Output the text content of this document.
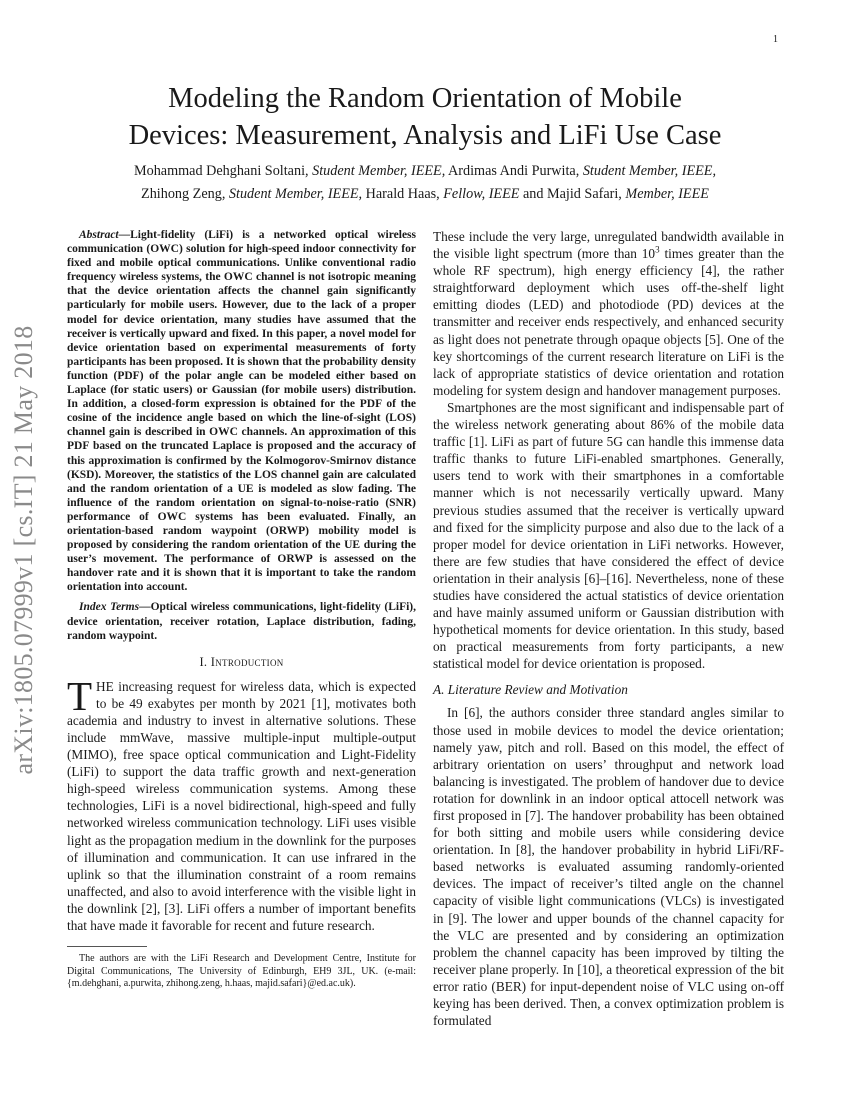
1
arXiv:1805.07999v1 [cs.IT] 21 May 2018
Modeling the Random Orientation of Mobile
Devices: Measurement, Analysis and LiFi Use Case

Mohammad Dehghani Soltani, Student Member, IEEE, Ardimas Andi Purwita, Student Member, IEEE,
Zhihong Zeng, Student Member, IEEE, Harald Haas, Fellow, IEEE and Majid Safari, Member, IEEE

Abstract—Light-fidelity (LiFi) is a networked optical wireless communication (OWC) solution for high-speed indoor connectivity for fixed and mobile optical communications. Unlike conventional radio frequency wireless systems, the OWC channel is not isotropic meaning that the device orientation affects the channel gain significantly particularly for mobile users. However, due to the lack of a proper model for device orientation, many studies have assumed that the receiver is vertically upward and fixed. In this paper, a novel model for device orientation based on experimental measurements of forty participants has been proposed. It is shown that the probability density function (PDF) of the polar angle can be modeled either based on Laplace (for static users) or Gaussian (for mobile users) distribution. In addition, a closed-form expression is obtained for the PDF of the cosine of the incidence angle based on which the line-of-sight (LOS) channel gain is described in OWC channels. An approximation of this PDF based on the truncated Laplace is proposed and the accuracy of this approximation is confirmed by the Kolmogorov-Smirnov distance (KSD). Moreover, the statistics of the LOS channel gain are calculated and the random orientation of a UE is modeled as slow fading. The influence of the random orientation on signal-to-noise-ratio (SNR) performance of OWC systems has been evaluated. Finally, an orientation-based random waypoint (ORWP) mobility model is proposed by considering the random orientation of the UE during the user’s movement. The performance of ORWP is assessed on the handover rate and it is shown that it is important to take the random orientation into account.

Index Terms—Optical wireless communications, light-fidelity (LiFi), device orientation, receiver rotation, Laplace distribution, fading, random waypoint.

I. Introduction

THE increasing request for wireless data, which is expected to be 49 exabytes per month by 2021 [1], motivates both academia and industry to invest in alternative solutions. These include mmWave, massive multiple-input multiple-output (MIMO), free space optical communication and Light-Fidelity (LiFi) to support the data traffic growth and next-generation high-speed wireless communication systems. Among these technologies, LiFi is a novel bidirectional, high-speed and fully networked wireless communication technology. LiFi uses visible light as the propagation medium in the downlink for the purposes of illumination and communication. It can use infrared in the uplink so that the illumination constraint of a room remains unaffected, and also to avoid interference with the visible light in the downlink [2], [3]. LiFi offers a number of important benefits that have made it favorable for recent and future research.

The authors are with the LiFi Research and Development Centre, Institute for Digital Communications, The University of Edinburgh, EH9 3JL, UK. (e-mail: {m.dehghani, a.purwita, zhihong.zeng, h.haas, majid.safari}@ed.ac.uk).

These include the very large, unregulated bandwidth available in the visible light spectrum (more than $10^3$ times greater than the whole RF spectrum), high energy efficiency [4], the rather straightforward deployment which uses off-the-shelf light emitting diodes (LED) and photodiode (PD) devices at the transmitter and receiver ends respectively, and enhanced security as light does not penetrate through opaque objects [5]. One of the key shortcomings of the current research literature on LiFi is the lack of appropriate statistics of device orientation and rotation modeling for system design and handover management purposes.

Smartphones are the most significant and indispensable part of the wireless network generating about 86% of the mobile data traffic [1]. LiFi as part of future 5G can handle this immense data traffic thanks to future LiFi-enabled smartphones. Generally, users tend to work with their smartphones in a comfortable manner which is not necessarily vertically upward. Many previous studies assumed that the receiver is vertically upward and fixed for the simplicity purpose and also due to the lack of a proper model for device orientation in LiFi networks. However, there are few studies that have considered the effect of device orientation in their analysis [6]–[16]. Nevertheless, none of these studies have considered the actual statistics of device orientation and have mainly assumed uniform or Gaussian distribution with hypothetical moments for device orientation. In this study, based on practical measurements from forty participants, a new statistical model for device orientation is proposed.

A. Literature Review and Motivation

In [6], the authors consider three standard angles similar to those used in mobile devices to model the device orientation; namely yaw, pitch and roll. Based on this model, the effect of arbitrary orientation on users’ throughput and network load balancing is investigated. The problem of handover due to device rotation for downlink in an indoor optical attocell network was first proposed in [7]. The handover probability has been obtained for both sitting and mobile users while considering device orientation. In [8], the handover probability in hybrid LiFi/RF-based networks is evaluated assuming randomly-oriented devices. The impact of receiver’s tilted angle on the channel capacity of visible light communications (VLCs) is investigated in [9]. The lower and upper bounds of the channel capacity for the VLC are presented and by considering an optimization problem the channel capacity has been improved by tilting the receiver plane properly. In [10], a theoretical expression of the bit error ratio (BER) for input-dependent noise of VLC using on-off keying has been derived. Then, a convex optimization problem is formulated
